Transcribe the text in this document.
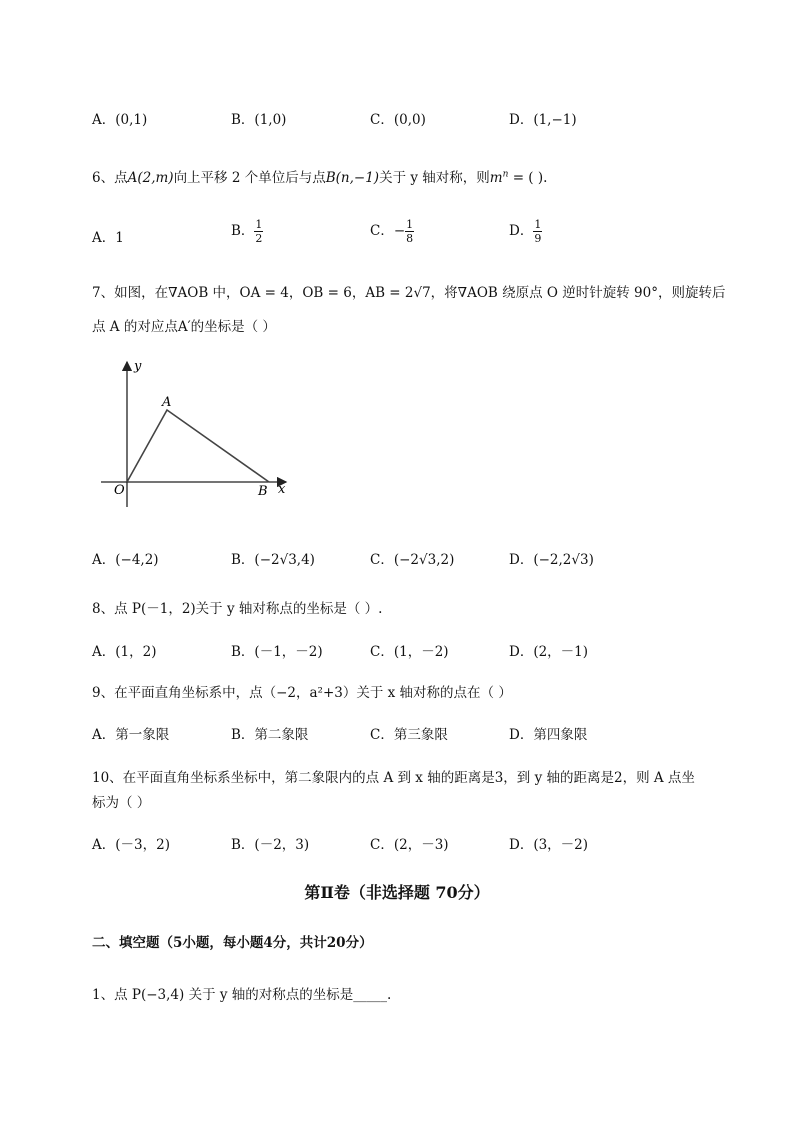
A．(0,1)	B．(1,0)	C．(0,0)	D．(1,−1)
6、点A(2,m)向上平移 2 个单位后与点B(n,−1)关于 y 轴对称，则$m^n$ = ( ).
A．1	B． $\frac{1}{2}$	C．− $\frac{1}{8}$	D． $\frac{1}{9}$
7、如图，在∇AOB 中，OA = 4，OB = 6，AB = 2√7，将∇AOB 绕原点 O 逆时针旋转 90°，则旋转后
点 A 的对应点A′的坐标是（ ）
y
x
O
A
B
A．(−4,2)	B．(−2√3,4)	C．(−2√3,2)	D．(−2,2√3)
8、点 P(－1，2)关于 y 轴对称点的坐标是（ ）.
A．(1，2)	B．(－1，－2)	C．(1，－2)	D．(2，－1)
9、在平面直角坐标系中，点（−2，a²+3）关于 x 轴对称的点在（ ）
A．第一象限	B．第二象限	C．第三象限	D．第四象限
10、在平面直角坐标系坐标中，第二象限内的点 A 到 x 轴的距离是3，到 y 轴的距离是2，则 A 点坐
标为（ ）
A．(－3，2)	B．(－2，3)	C．(2，－3)	D．(3，－2)
第Ⅱ卷（非选择题 70分）
二、填空题（5小题，每小题4分，共计20分）
1、点 P(−3,4) 关于 y 轴的对称点的坐标是_____.
